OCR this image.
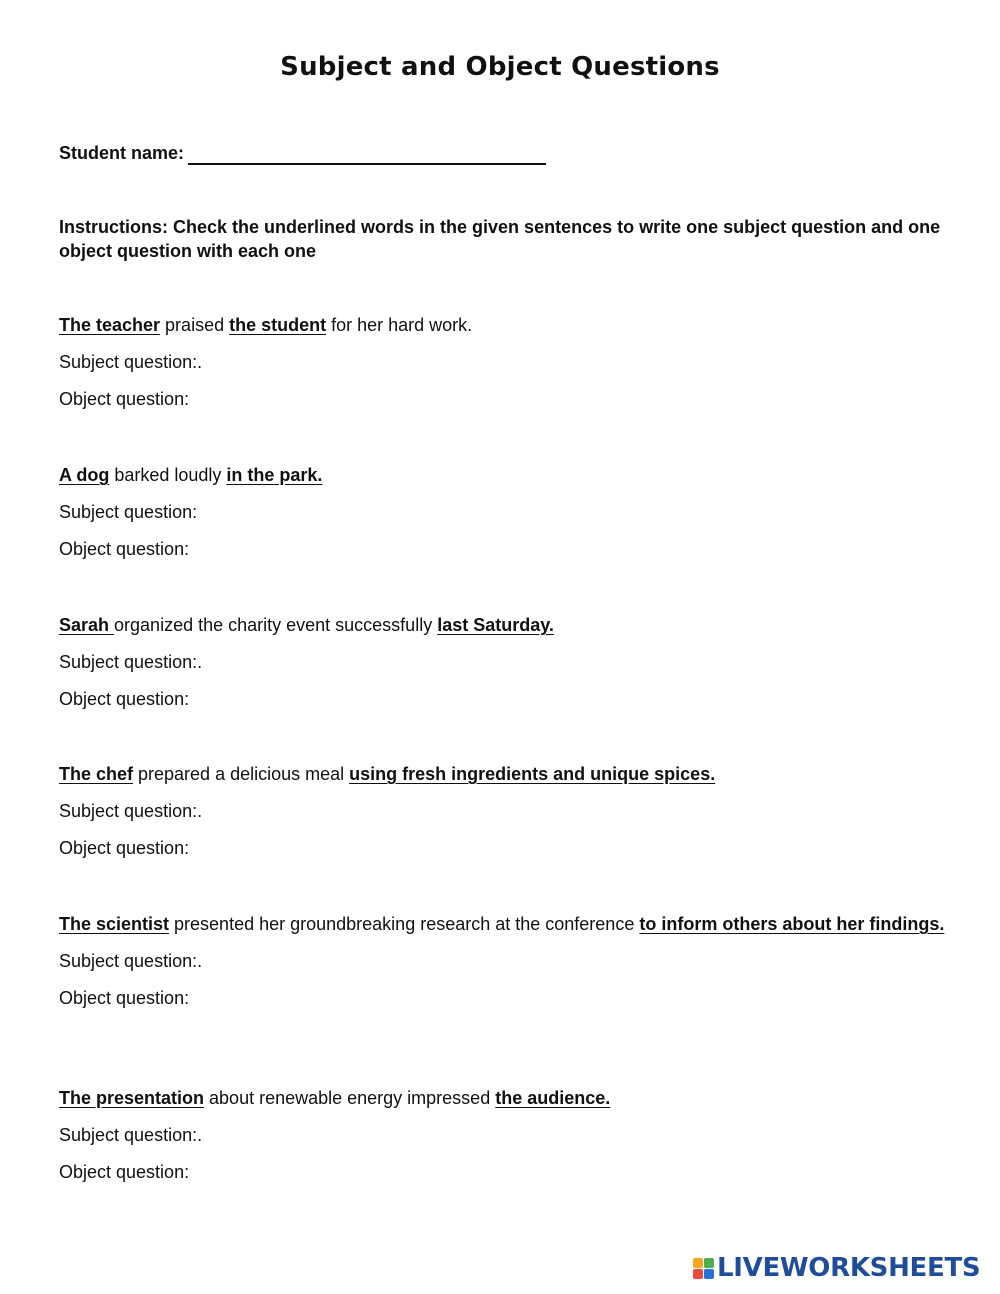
Subject and Object Questions
Student name:

Instructions: Check the underlined words in the given sentences to write one subject question and one object question with each one

The teacher praised the student for her hard work.

Subject question:.

Object question:

A dog barked loudly in the park.

Subject question:

Object question:

Sarah organized the charity event successfully last Saturday.

Subject question:.

Object question:

The chef prepared a delicious meal using fresh ingredients and unique spices.

Subject question:.

Object question:

The scientist presented her groundbreaking research at the conference to inform others about her findings.

Subject question:.

Object question:

The presentation about renewable energy impressed the audience.

Subject question:.

Object question:

LIVEWORKSHEETS
